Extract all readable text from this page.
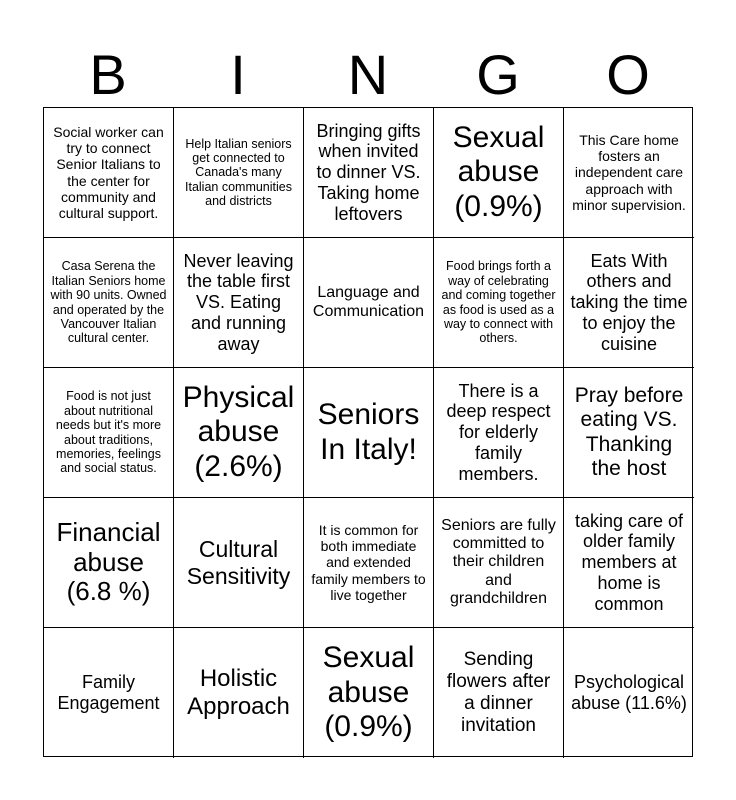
B	I	N	G	O
Social worker can try to connect Senior Italians to the center for community and cultural support.
Help Italian seniors get connected to Canada's many Italian communities and districts
Bringing gifts when invited to dinner VS. Taking home leftovers
Sexual abuse (0.9%)
This Care home fosters an independent care approach with minor supervision.
Casa Serena the Italian Seniors home with 90 units. Owned and operated by the Vancouver Italian cultural center.
Never leaving the table first VS. Eating and running away
Language and Communication
Food brings forth a way of celebrating and coming together as food is used as a way to connect with others.
Eats With others and taking the time to enjoy the cuisine
Food is not just about nutritional needs but it's more about traditions, memories, feelings and social status.
Physical abuse (2.6%)
Seniors In Italy!
There is a deep respect for elderly family members.
Pray before eating VS. Thanking the host
Financial abuse (6.8 %)
Cultural Sensitivity
It is common for both immediate and extended family members to live together
Seniors are fully committed to their children and grandchildren
taking care of older family members at home is common
Family Engagement
Holistic Approach
Sexual abuse (0.9%)
Sending flowers after a dinner invitation
Psychological abuse (11.6%)
